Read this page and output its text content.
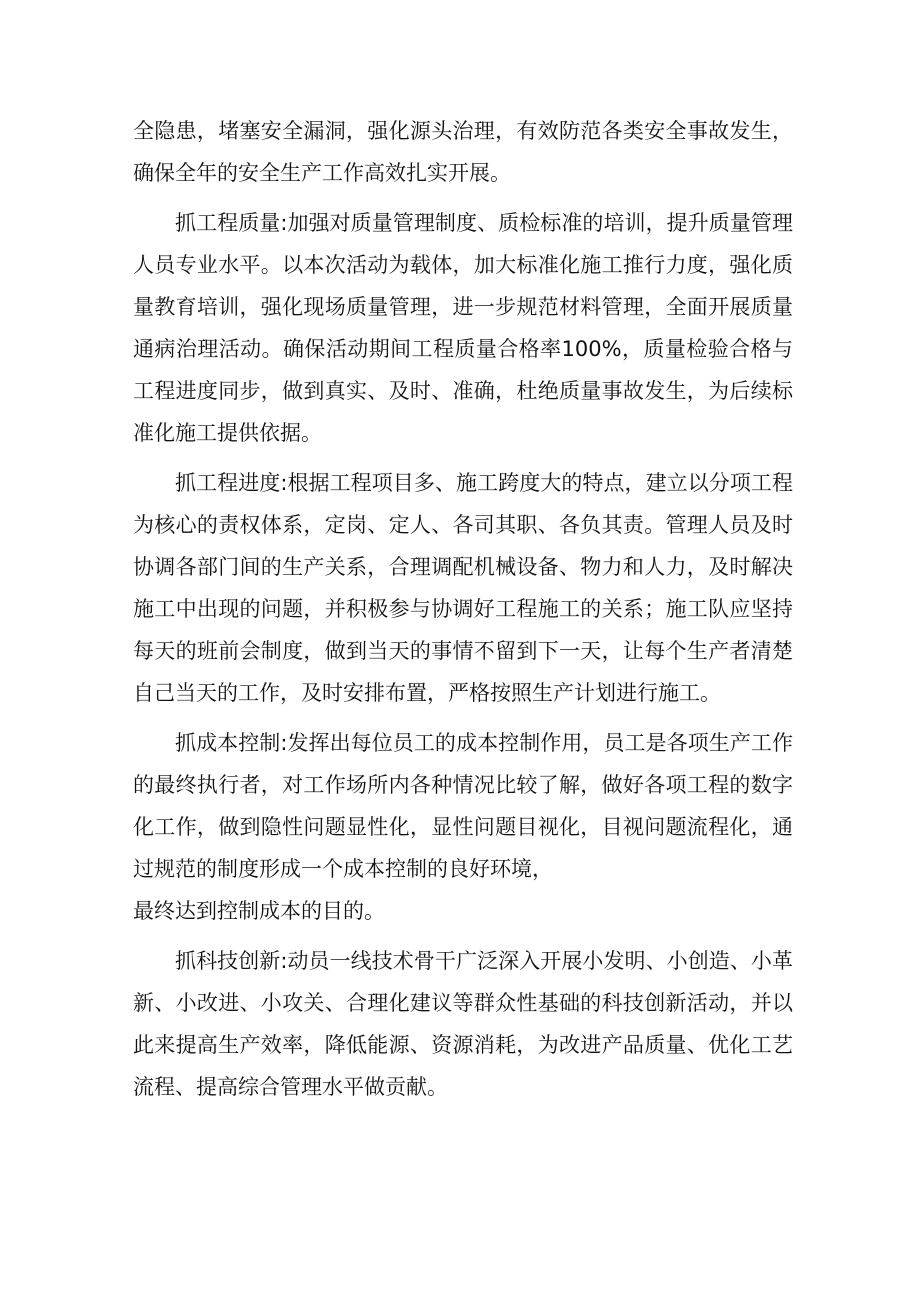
全隐患，堵塞安全漏洞，强化源头治理，有效防范各类安全事故发生，确保全年的安全生产工作高效扎实开展。

抓工程质量:加强对质量管理制度、质检标准的培训，提升质量管理人员专业水平。以本次活动为载体，加大标准化施工推行力度，强化质量教育培训，强化现场质量管理，进一步规范材料管理，全面开展质量通病治理活动。确保活动期间工程质量合格率100%，质量检验合格与工程进度同步，做到真实、及时、准确，杜绝质量事故发生，为后续标准化施工提供依据。

抓工程进度:根据工程项目多、施工跨度大的特点，建立以分项工程为核心的责权体系，定岗、定人、各司其职、各负其责。管理人员及时协调各部门间的生产关系，合理调配机械设备、物力和人力，及时解决施工中出现的问题，并积极参与协调好工程施工的关系；施工队应坚持每天的班前会制度，做到当天的事情不留到下一天，让每个生产者清楚自己当天的工作，及时安排布置，严格按照生产计划进行施工。

抓成本控制:发挥出每位员工的成本控制作用，员工是各项生产工作的最终执行者，对工作场所内各种情况比较了解，做好各项工程的数字化工作，做到隐性问题显性化，显性问题目视化，目视问题流程化，通过规范的制度形成一个成本控制的良好环境，

最终达到控制成本的目的。

抓科技创新:动员一线技术骨干广泛深入开展小发明、小创造、小革新、小改进、小攻关、合理化建议等群众性基础的科技创新活动，并以此来提高生产效率，降低能源、资源消耗，为改进产品质量、优化工艺流程、提高综合管理水平做贡献。
